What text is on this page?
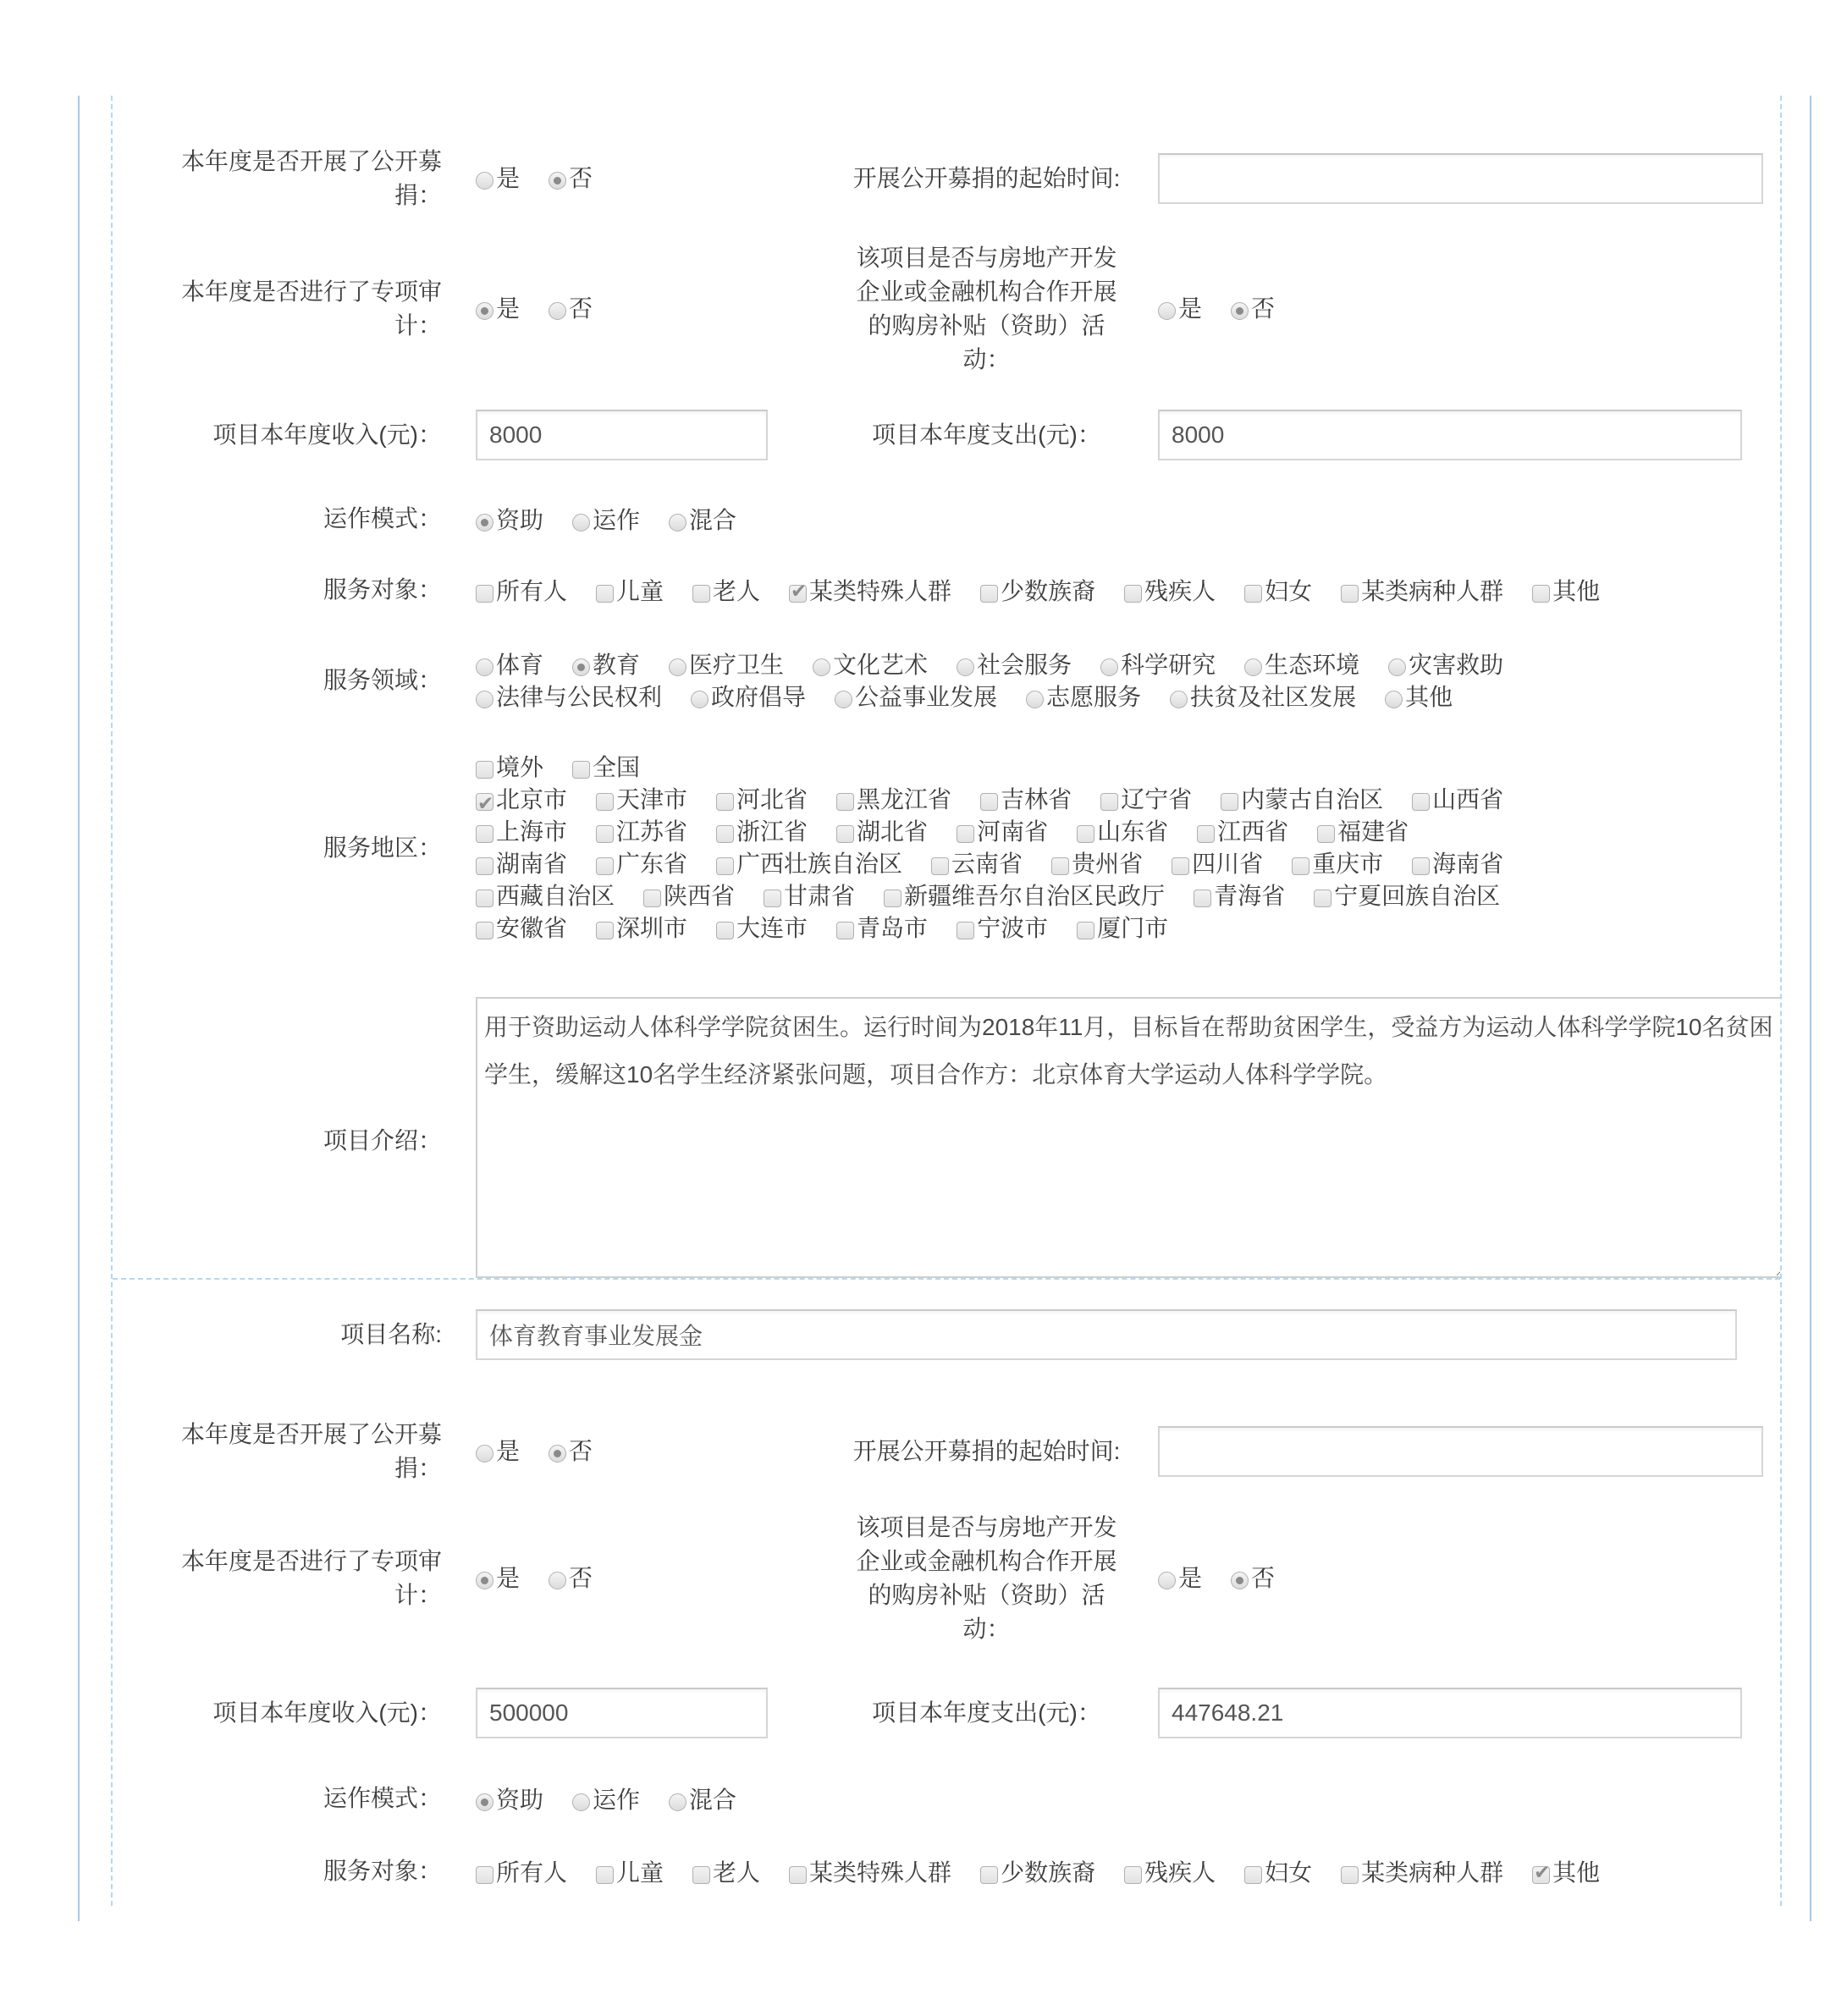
本年度是否开展了公开募捐：
是 否	开展公开募捐的起始时间:
本年度是否进行了专项审计：
是 否
该项目是否与房地产开发企业或金融机构合作开展的购房补贴（资助）活动：
是 否
项目本年度收入(元)：
8000	项目本年度支出(元)：
8000
运作模式：	资助 运作 混合
服务对象：	所有人 儿童 老人 ✔ 某类特殊人群 少数族裔 残疾人 妇女 某类病种人群 其他
服务领域：
体育 教育 医疗卫生 文化艺术 社会服务 科学研究 生态环境 灾害救助
法律与公民权利 政府倡导 公益事业发展 志愿服务 扶贫及社区发展 其他
服务地区：
境外 全国
✔北京市 天津市 河北省 黑龙江省 吉林省 辽宁省 内蒙古自治区 山西省
上海市 江苏省 浙江省 湖北省 河南省 山东省 江西省 福建省
湖南省 广东省 广西壮族自治区 云南省 贵州省 四川省 重庆市 海南省
西藏自治区 陕西省 甘肃省 新疆维吾尔自治区民政厅 青海省 宁夏回族自治区
安徽省 深圳市 大连市 青岛市 宁波市 厦门市
项目介绍：
用于资助运动人体科学学院贫困生。运行时间为2018年11月，目标旨在帮助贫困学生，受益方为运动人体科学学院10名贫困学生，缓解这10名学生经济紧张问题，项目合作方：北京体育大学运动人体科学学院。
项目名称:
体育教育事业发展金
本年度是否开展了公开募捐：
是 否	开展公开募捐的起始时间:
本年度是否进行了专项审计：
是 否
该项目是否与房地产开发企业或金融机构合作开展的购房补贴（资助）活动：
是 否
项目本年度收入(元)：
500000	项目本年度支出(元)：
447648.21
运作模式：	资助 运作 混合
服务对象：	所有人 儿童 老人 某类特殊人群 少数族裔 残疾人 妇女 某类病种人群 ✔ 其他
